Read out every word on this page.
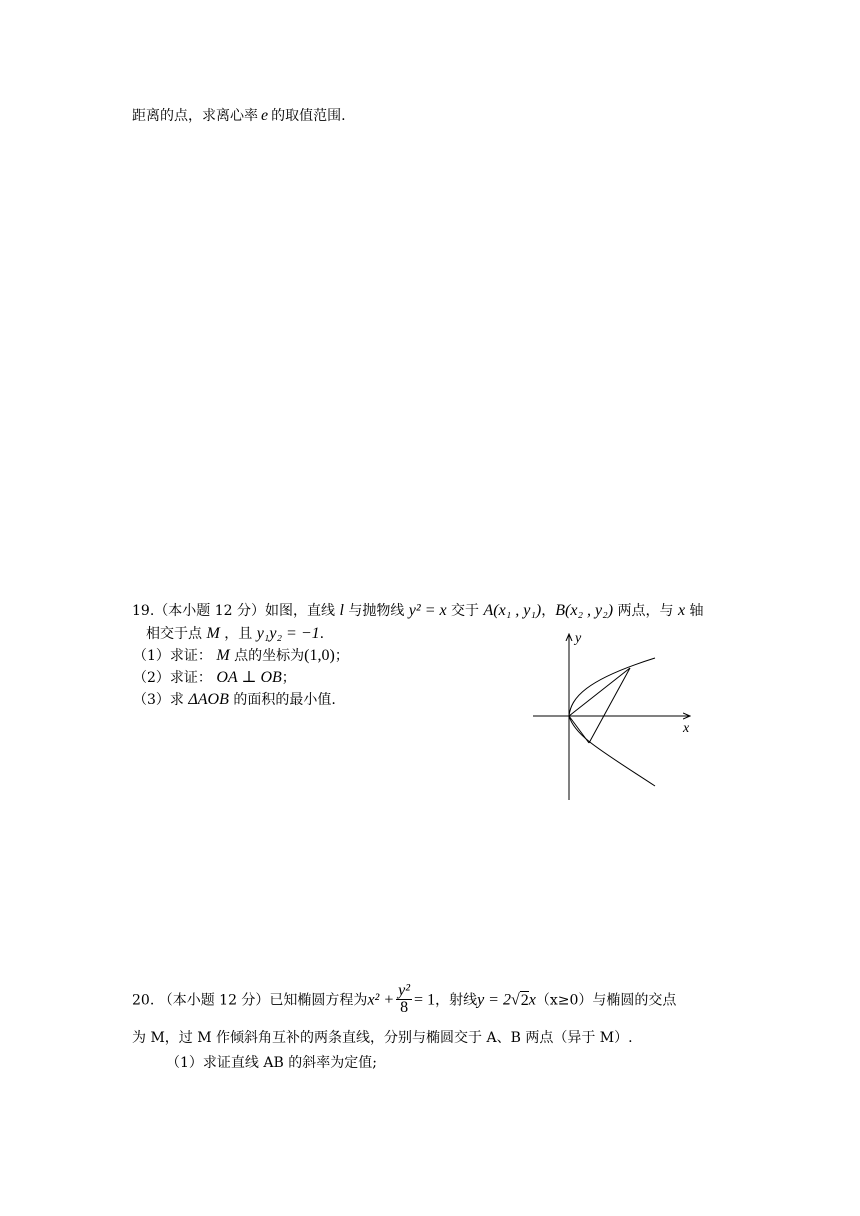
距离的点，求离心率 e 的取值范围.
19.（本小题 12 分）如图，直线 l 与抛物线 y² = x 交于 A(x₁ , y₁)，B(x₂ , y₂) 两点，与 x 轴
相交于点 M ，且 y₁y₂ = −1.
（1）求证： M 点的坐标为(1,0)；
（2）求证： OA ⊥ OB；
（3）求 ΔAOB 的面积的最小值.
y
x
20. （本小题 12 分）已知椭圆方程为$x^2 + \frac{\text{y²}}{8} = 1$，射线y = 2√2x（x≥0）与椭圆的交点
为 M，过 M 作倾斜角互补的两条直线，分别与椭圆交于 A、B 两点（异于 M）.
（1）求证直线 AB 的斜率为定值;
